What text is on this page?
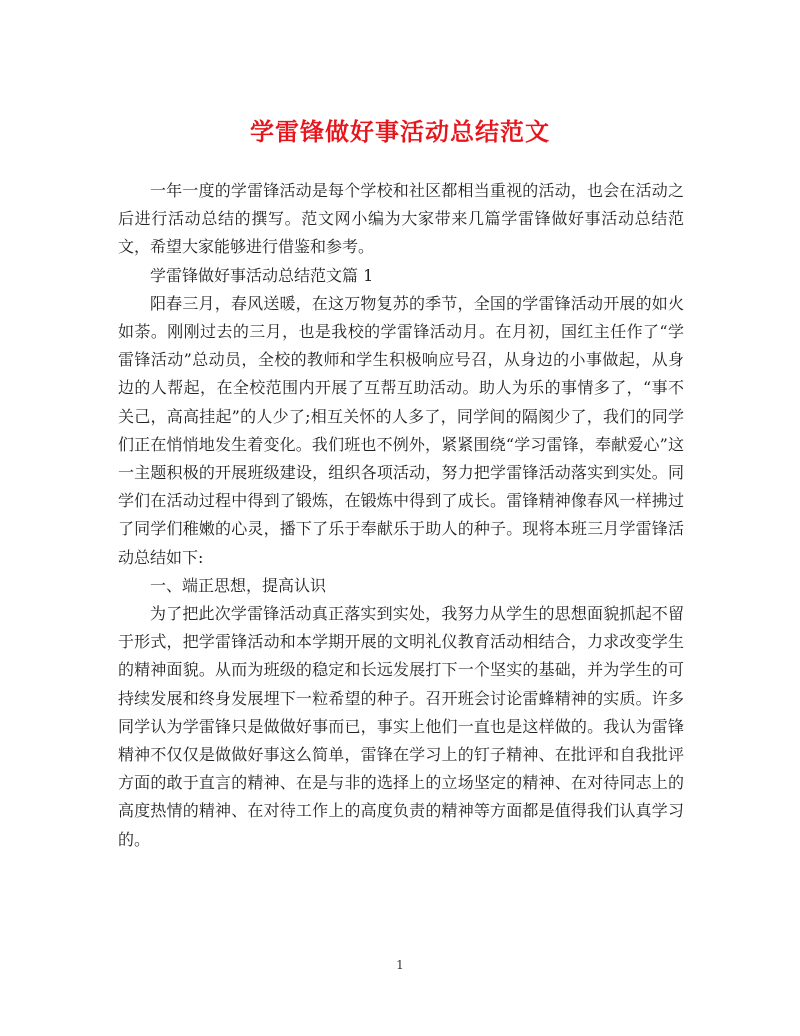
学雷锋做好事活动总结范文

一年一度的学雷锋活动是每个学校和社区都相当重视的活动，也会在活动之后进行活动总结的撰写。范文网小编为大家带来几篇学雷锋做好事活动总结范文，希望大家能够进行借鉴和参考。

学雷锋做好事活动总结范文篇 1

阳春三月，春风送暖，在这万物复苏的季节，全国的学雷锋活动开展的如火如荼。刚刚过去的三月，也是我校的学雷锋活动月。在月初，国红主任作了“学雷锋活动”总动员，全校的教师和学生积极响应号召，从身边的小事做起，从身边的人帮起，在全校范围内开展了互帮互助活动。助人为乐的事情多了，“事不关己，高高挂起”的人少了;相互关怀的人多了，同学间的隔阂少了，我们的同学们正在悄悄地发生着变化。我们班也不例外，紧紧围绕“学习雷锋，奉献爱心”这一主题积极的开展班级建设，组织各项活动，努力把学雷锋活动落实到实处。同学们在活动过程中得到了锻炼，在锻炼中得到了成长。雷锋精神像春风一样拂过了同学们稚嫩的心灵，播下了乐于奉献乐于助人的种子。现将本班三月学雷锋活动总结如下:

一、端正思想，提高认识

为了把此次学雷锋活动真正落实到实处，我努力从学生的思想面貌抓起不留于形式，把学雷锋活动和本学期开展的文明礼仪教育活动相结合，力求改变学生的精神面貌。从而为班级的稳定和长远发展打下一个坚实的基础，并为学生的可持续发展和终身发展埋下一粒希望的种子。召开班会讨论雷蜂精神的实质。许多同学认为学雷锋只是做做好事而已，事实上他们一直也是这样做的。我认为雷锋精神不仅仅是做做好事这么简单，雷锋在学习上的钉子精神、在批评和自我批评方面的敢于直言的精神、在是与非的选择上的立场坚定的精神、在对待同志上的高度热情的精神、在对待工作上的高度负责的精神等方面都是值得我们认真学习的。

1
